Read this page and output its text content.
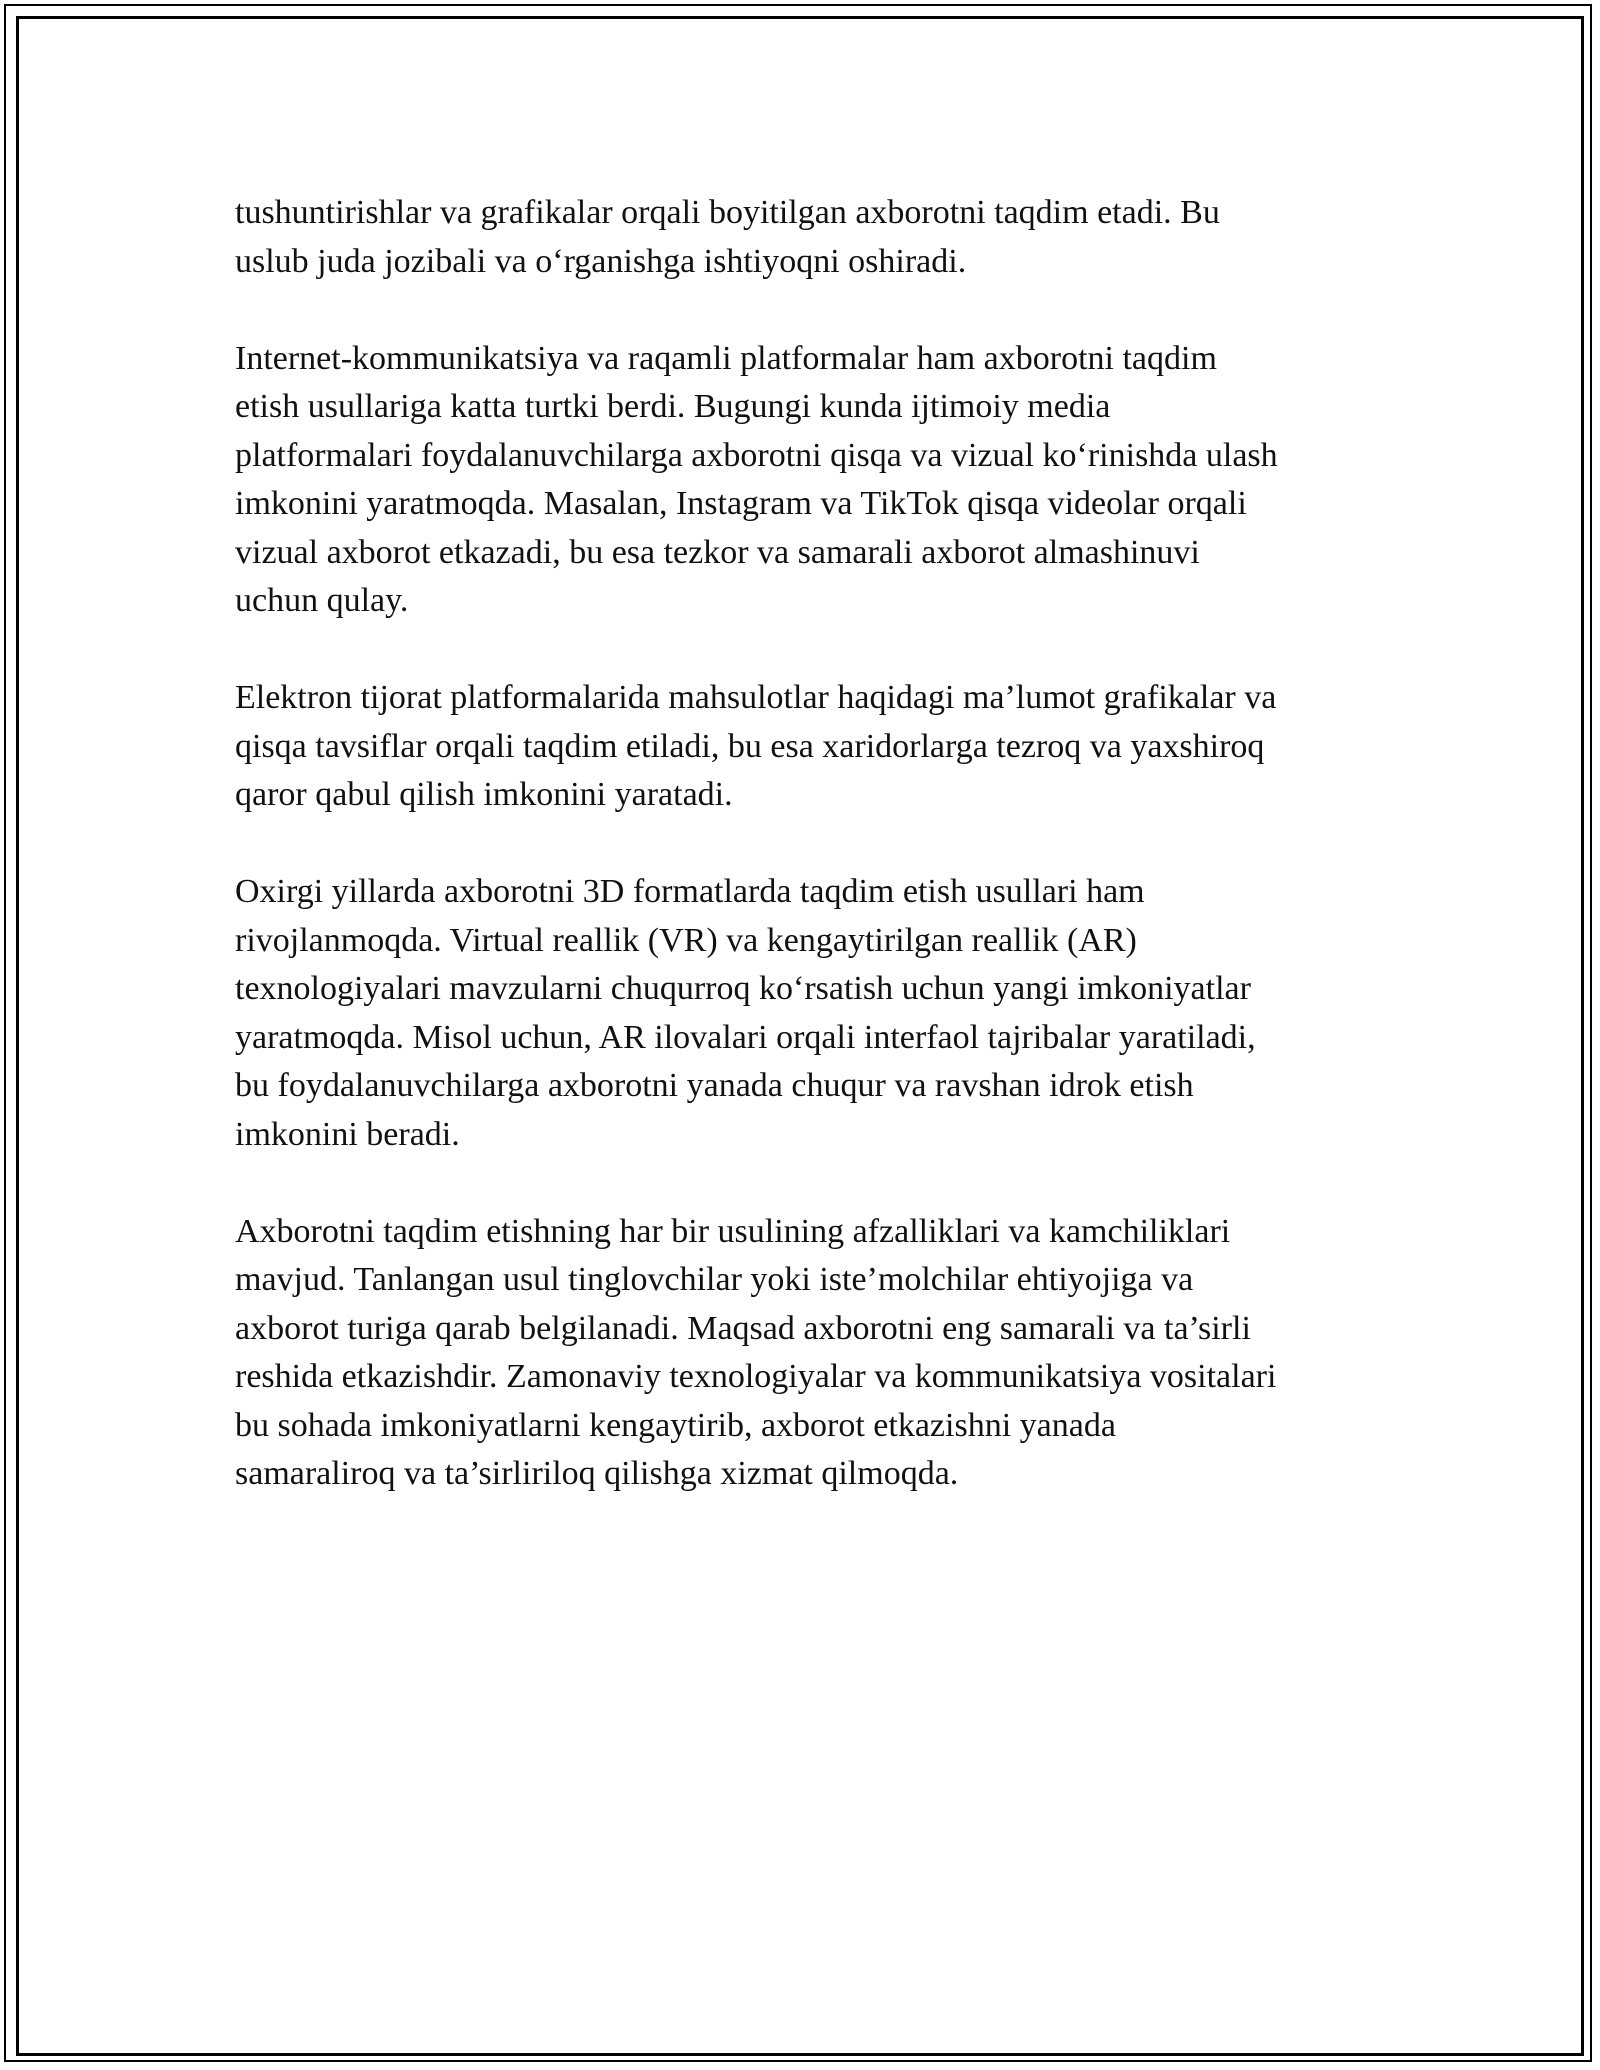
tushuntirishlar va grafikalar orqali boyitilgan axborotni taqdim etadi. Bu
uslub juda jozibali va o‘rganishga ishtiyoqni oshiradi.

Internet-kommunikatsiya va raqamli platformalar ham axborotni taqdim
etish usullariga katta turtki berdi. Bugungi kunda ijtimoiy media
platformalari foydalanuvchilarga axborotni qisqa va vizual ko‘rinishda ulash
imkonini yaratmoqda. Masalan, Instagram va TikTok qisqa videolar orqali
vizual axborot etkazadi, bu esa tezkor va samarali axborot almashinuvi
uchun qulay.

Elektron tijorat platformalarida mahsulotlar haqidagi ma’lumot grafikalar va
qisqa tavsiflar orqali taqdim etiladi, bu esa xaridorlarga tezroq va yaxshiroq
qaror qabul qilish imkonini yaratadi.

Oxirgi yillarda axborotni 3D formatlarda taqdim etish usullari ham
rivojlanmoqda. Virtual reallik (VR) va kengaytirilgan reallik (AR)
texnologiyalari mavzularni chuqurroq ko‘rsatish uchun yangi imkoniyatlar
yaratmoqda. Misol uchun, AR ilovalari orqali interfaol tajribalar yaratiladi,
bu foydalanuvchilarga axborotni yanada chuqur va ravshan idrok etish
imkonini beradi.

Axborotni taqdim etishning har bir usulining afzalliklari va kamchiliklari
mavjud. Tanlangan usul tinglovchilar yoki iste’molchilar ehtiyojiga va
axborot turiga qarab belgilanadi. Maqsad axborotni eng samarali va ta’sirli
reshida etkazishdir. Zamonaviy texnologiyalar va kommunikatsiya vositalari
bu sohada imkoniyatlarni kengaytirib, axborot etkazishni yanada
samaraliroq va ta’sirliriloq qilishga xizmat qilmoqda.
